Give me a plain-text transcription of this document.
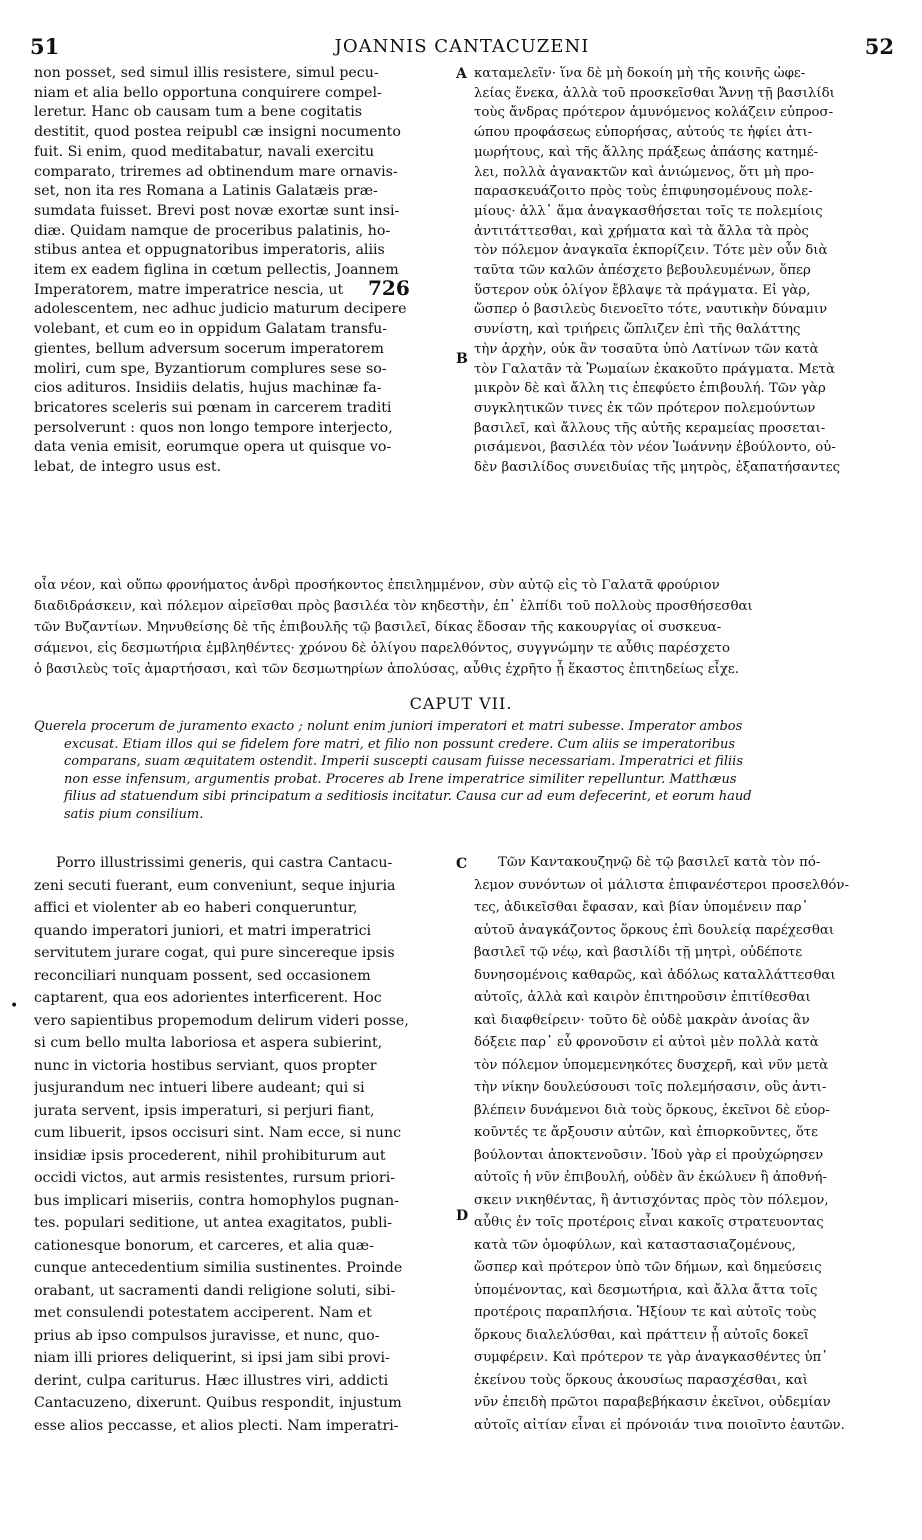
51	JOANNIS CANTACUZENI	52
non posset, sed simul illis resistere, simul pecu-
niam et alia bello opportuna conquirere compel-
leretur. Hanc ob causam tum a bene cogitatis
destitit, quod postea reipubl cæ insigni nocumento
fuit. Si enim, quod meditabatur, navali exercitu
comparato, triremes ad obtinendum mare ornavis-
set, non ita res Romana a Latinis Galatæis præ-
sumdata fuisset. Brevi post novæ exortæ sunt insi-
diæ. Quidam namque de proceribus palatinis, ho-
stibus antea et oppugnatoribus imperatoris, aliis
item ex eadem figlina in cœtum pellectis, Joannem
Imperatorem, matre imperatrice nescia, ut
adolescentem, nec adhuc judicio maturum decipere
volebant, et cum eo in oppidum Galatam transfu-
gientes, bellum adversum socerum imperatorem
moliri, cum spe, Byzantiorum complures sese so-
cios adituros. Insidiis delatis, hujus machinæ fa-
bricatores sceleris sui pœnam in carcerem traditi
persolverunt : quos non longo tempore interjecto,
data venia emisit, eorumque opera ut quisque vo-
lebat, de integro usus est.
καταμελεῖν· ἵνα δὲ μὴ δοκοίη μὴ τῆς κοινῆς ὠφε-
λείας ἕνεκα, ἀλλὰ τοῦ προσκεῖσθαι Ἄννῃ τῇ βασιλίδι
τοὺς ἄνδρας πρότερον ἀμυνόμενος κολάζειν εὐπροσ-
ώπου προφάσεως εὐπορήσας, αὐτούς τε ἠφίει ἀτι-
μωρήτους, καὶ τῆς ἄλλης πράξεως ἁπάσης κατημέ-
λει, πολλὰ ἀγανακτῶν καὶ ἀνιώμενος, ὅτι μὴ προ-
παρασκευάζοιτο πρὸς τοὺς ἐπιφυησομένους πολε-
μίους· ἀλλ᾽ ἅμα ἀναγκασθήσεται τοῖς τε πολεμίοις
ἀντιτάττεσθαι, καὶ χρήματα καὶ τὰ ἄλλα τὰ πρὸς
τὸν πόλεμον ἀναγκαῖα ἐκπορίζειν. Τότε μὲν οὖν διὰ
ταῦτα τῶν καλῶν ἀπέσχετο βεβουλευμένων, ὅπερ
ὕστερον οὐκ ὀλίγον ἔβλαψε τὰ πράγματα. Εἰ γὰρ,
ὥσπερ ὁ βασιλεὺς διενοεῖτο τότε, ναυτικὴν δύναμιν
συνίστη, καὶ τριήρεις ὥπλιζεν ἐπὶ τῆς θαλάττης
τὴν ἀρχὴν, οὐκ ἂν τοσαῦτα ὑπὸ Λατίνων τῶν κατὰ
τὸν Γαλατᾶν τὰ Ῥωμαίων ἐκακοῦτο πράγματα. Μετὰ
μικρὸν δὲ καὶ ἄλλη τις ἐπεφύετο ἐπιβουλή. Τῶν γὰρ
συγκλητικῶν τινες ἐκ τῶν πρότερον πολεμούντων
βασιλεῖ, καὶ ἄλλους τῆς αὐτῆς κεραμείας προσεται-
ρισάμενοι, βασιλέα τὸν νέον Ἰωάννην ἐβούλοντο, οὐ-
δὲν βασιλίδος συνειδυίας τῆς μητρὸς, ἐξαπατήσαντες
A
B
726
οἷα νέον, καὶ οὔπω φρονήματος ἀνδρὶ προσήκοντος ἐπειλημμένον, σὺν αὐτῷ εἰς τὸ Γαλατᾶ φρούριον
διαδιδράσκειν, καὶ πόλεμον αἱρεῖσθαι πρὸς βασιλέα τὸν κηδεστὴν, ἐπ᾽ ἐλπίδι τοῦ πολλοὺς προσθήσεσθαι
τῶν Βυζαντίων. Μηνυθείσης δὲ τῆς ἐπιβουλῆς τῷ βασιλεῖ, δίκας ἔδοσαν τῆς κακουργίας οἱ συσκευα-
σάμενοι, εἰς δεσμωτήρια ἐμβληθέντες· χρόνου δὲ ὀλίγου παρελθόντος, συγγνώμην τε αὖθις παρέσχετο
ὁ βασιλεὺς τοῖς ἁμαρτήσασι, καὶ τῶν δεσμωτηρίων ἀπολύσας, αὖθις ἐχρῆτο ᾗ ἕκαστος ἐπιτηδείως εἶχε.
CAPUT VII.
Querela procerum de juramento exacto ; nolunt enim juniori imperatori et matri subesse. Imperator ambos
excusat. Etiam illos qui se fidelem fore matri, et filio non possunt credere. Cum aliis se imperatoribus
comparans, suam æquitatem ostendit. Imperii suscepti causam fuisse necessariam. Imperatrici et filiis
non esse infensum, argumentis probat. Proceres ab Irene imperatrice similiter repelluntur. Matthæus
filius ad statuendum sibi principatum a seditiosis incitatur. Causa cur ad eum defecerint, et eorum haud
satis pium consilium.
Porro illustrissimi generis, qui castra Cantacu-
zeni secuti fuerant, eum conveniunt, seque injuria
affici et violenter ab eo haberi conqueruntur,
quando imperatori juniori, et matri imperatrici
servitutem jurare cogat, qui pure sincereque ipsis
reconciliari nunquam possent, sed occasionem
captarent, qua eos adorientes interficerent. Hoc
vero sapientibus propemodum delirum videri posse,
si cum bello multa laboriosa et aspera subierint,
nunc in victoria hostibus serviant, quos propter
jusjurandum nec intueri libere audeant; qui si
jurata servent, ipsis imperaturi, si perjuri fiant,
cum libuerit, ipsos occisuri sint. Nam ecce, si nunc
insidiæ ipsis procederent, nihil prohibiturum aut
occidi victos, aut armis resistentes, rursum priori-
bus implicari miseriis, contra homophylos pugnan-
tes. populari seditione, ut antea exagitatos, publi-
cationesque bonorum, et carceres, et alia quæ-
cunque antecedentium similia sustinentes. Proinde
orabant, ut sacramenti dandi religione soluti, sibi-
met consulendi potestatem acciperent. Nam et
prius ab ipso compulsos juravisse, et nunc, quo-
niam illi priores deliquerint, si ipsi jam sibi provi-
derint, culpa cariturus. Hæc illustres viri, addicti
Cantacuzeno, dixerunt. Quibus respondit, injustum
esse alios peccasse, et alios plecti. Nam imperatri-
Τῶν Καντακουζηνῷ δὲ τῷ βασιλεῖ κατὰ τὸν πό-
λεμον συνόντων οἱ μάλιστα ἐπιφανέστεροι προσελθόν-
τες, ἀδικεῖσθαι ἔφασαν, καὶ βίαν ὑπομένειν παρ᾽
αὐτοῦ ἀναγκάζοντος ὅρκους ἐπὶ δουλείᾳ παρέχεσθαι
βασιλεῖ τῷ νέῳ, καὶ βασιλίδι τῇ μητρὶ, οὐδέποτε
δυνησομένοις καθαρῶς, καὶ ἀδόλως καταλλάττεσθαι
αὐτοῖς, ἀλλὰ καὶ καιρὸν ἐπιτηροῦσιν ἐπιτίθεσθαι
καὶ διαφθείρειν· τοῦτο δὲ οὐδὲ μακρὰν ἀνοίας ἂν
δόξειε παρ᾽ εὖ φρονοῦσιν εἰ αὐτοὶ μὲν πολλὰ κατὰ
τὸν πόλεμον ὑπομεμενηκότες δυσχερῆ, καὶ νῦν μετὰ
τὴν νίκην δουλεύσουσι τοῖς πολεμήσασιν, οὓς ἀντι-
βλέπειν δυνάμενοι διὰ τοὺς ὅρκους, ἐκεῖνοι δὲ εὐορ-
κοῦντές τε ἄρξουσιν αὐτῶν, καὶ ἐπιορκοῦντες, ὅτε
βούλονται ἀποκτενοῦσιν. Ἰδοὺ γὰρ εἰ προὐχώρησεν
αὐτοῖς ἡ νῦν ἐπιβουλή, οὐδὲν ἂν ἐκώλυεν ἢ ἀποθνή-
σκειν νικηθέντας, ἢ ἀντισχόντας πρὸς τὸν πόλεμον,
αὖθις ἐν τοῖς προτέροις εἶναι κακοῖς στρατευοντας
κατὰ τῶν ὁμοφύλων, καὶ καταστασιαζομένους,
ὥσπερ καὶ πρότερον ὑπὸ τῶν δήμων, καὶ δημεύσεις
ὑπομένοντας, καὶ δεσμωτήρια, καὶ ἄλλα ἄττα τοῖς
προτέροις παραπλήσια. Ἠξίουν τε καὶ αὐτοῖς τοὺς
ὅρκους διαλελύσθαι, καὶ πράττειν ᾗ αὐτοῖς δοκεῖ
συμφέρειν. Καὶ πρότερον τε γὰρ ἀναγκασθέντες ὑπ᾽
ἐκείνου τοὺς ὅρκους ἀκουσίως παρασχέσθαι, καὶ
νῦν ἐπειδὴ πρῶτοι παραβεβήκασιν ἐκεῖνοι, οὐδεμίαν
αὐτοῖς αἰτίαν εἶναι εἰ πρόνοιάν τινα ποιοῖντο ἑαυτῶν.
C
D
•
